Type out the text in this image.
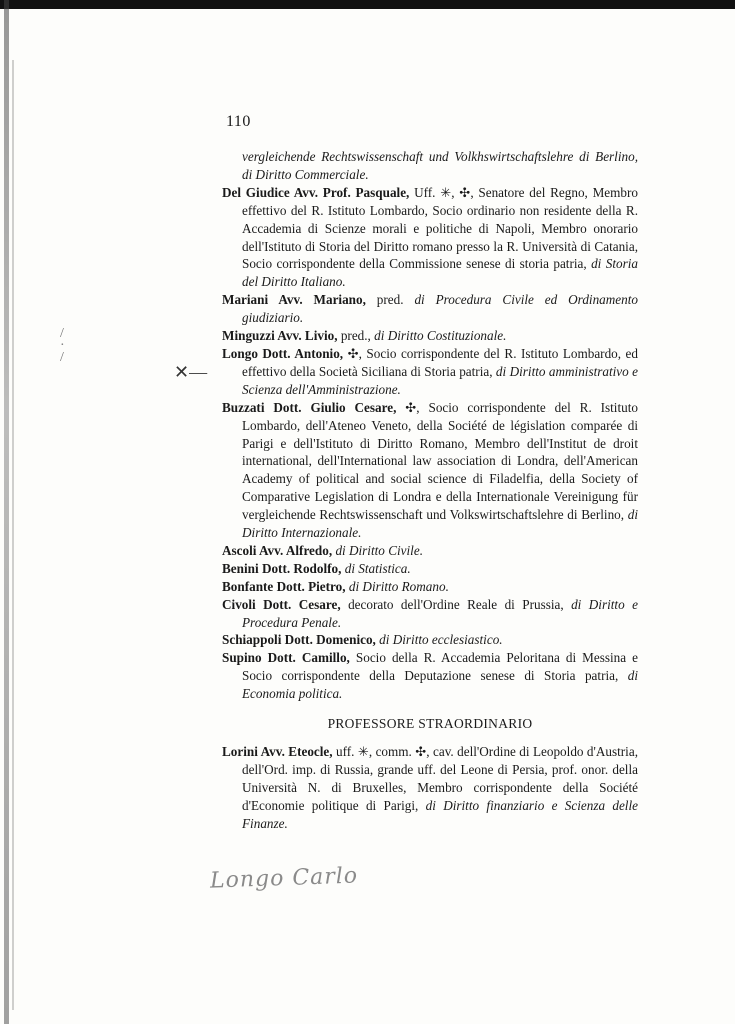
/
·
/
✕—
110
vergleichende Rechtswissenschaft und Volkhswirtschaftslehre di Berlino, di Diritto Commerciale.
Del Giudice Avv. Prof. Pasquale, Uff. ✳, ✣, Senatore del Regno, Membro effettivo del R. Istituto Lombardo, Socio ordinario non residente della R. Accademia di Scienze morali e politiche di Napoli, Membro onorario dell'Istituto di Storia del Diritto romano presso la R. Università di Catania, Socio corrispondente della Commissione senese di storia patria, di Storia del Diritto Italiano.
Mariani Avv. Mariano, pred. di Procedura Civile ed Ordinamento giudiziario.
Minguzzi Avv. Livio, pred., di Diritto Costituzionale.
Longo Dott. Antonio, ✣, Socio corrispondente del R. Istituto Lombardo, ed effettivo della Società Siciliana di Storia patria, di Diritto amministrativo e Scienza dell'Amministrazione.
Buzzati Dott. Giulio Cesare, ✣, Socio corrispondente del R. Istituto Lombardo, dell'Ateneo Veneto, della Société de législation comparée di Parigi e dell'Istituto di Diritto Romano, Membro dell'Institut de droit international, dell'International law association di Londra, dell'American Academy of political and social science di Filadelfia, della Society of Comparative Legislation di Londra e della Internationale Vereinigung für vergleichende Rechtswissenschaft und Volkswirtschaftslehre di Berlino, di Diritto Internazionale.
Ascoli Avv. Alfredo, di Diritto Civile.
Benini Dott. Rodolfo, di Statistica.
Bonfante Dott. Pietro, di Diritto Romano.
Civoli Dott. Cesare, decorato dell'Ordine Reale di Prussia, di Diritto e Procedura Penale.
Schiappoli Dott. Domenico, di Diritto ecclesiastico.
Supino Dott. Camillo, Socio della R. Accademia Peloritana di Messina e Socio corrispondente della Deputazione senese di Storia patria, di Economia politica.
PROFESSORE STRAORDINARIO
Lorini Avv. Eteocle, uff. ✳, comm. ✣, cav. dell'Ordine di Leopoldo d'Austria, dell'Ord. imp. di Russia, grande uff. del Leone di Persia, prof. onor. della Università N. di Bruxelles, Membro corrispondente della Société d'Economie politique di Parigi, di Diritto finanziario e Scienza delle Finanze.
Longo Carlo
